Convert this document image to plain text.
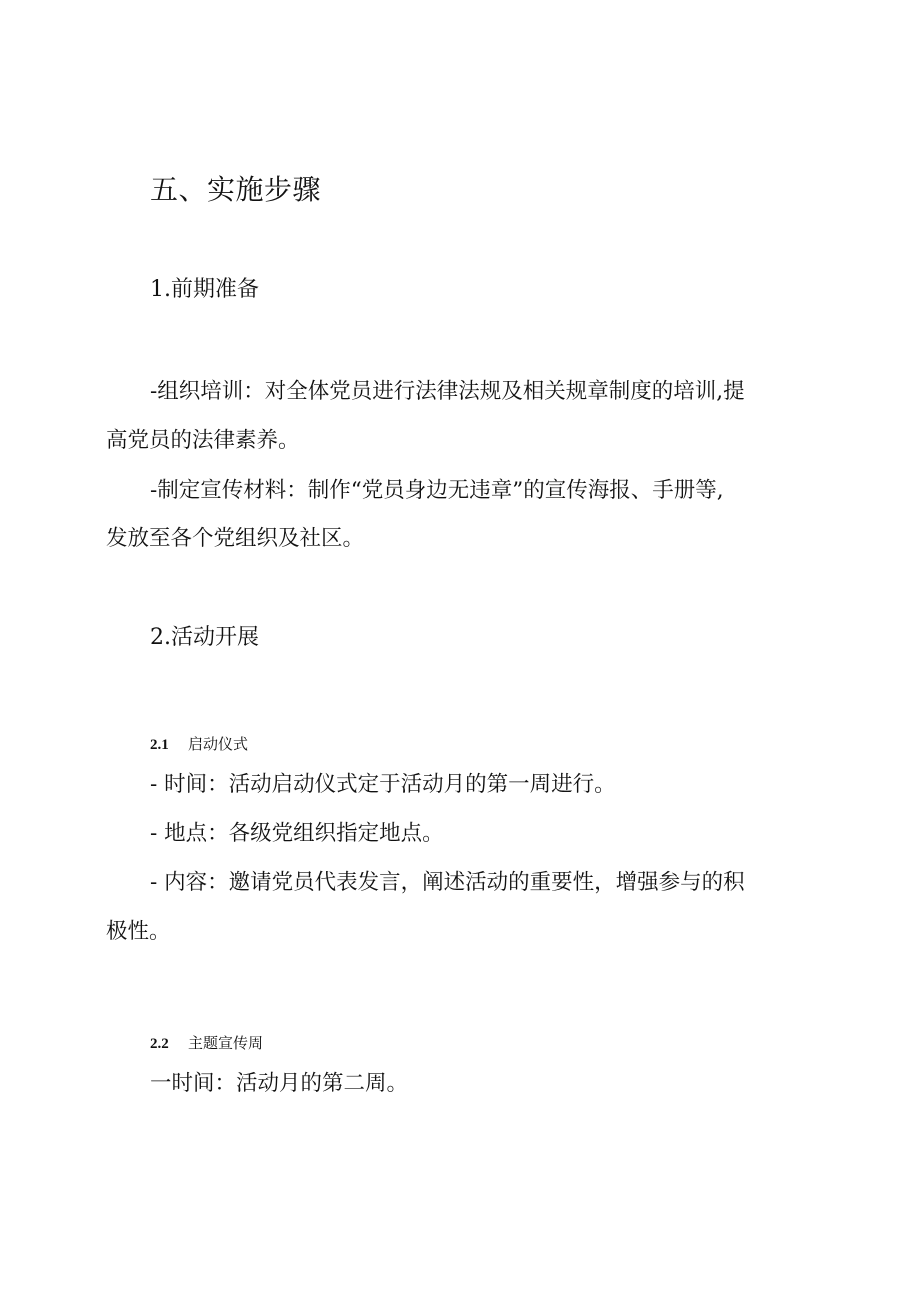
五、实施步骤

1.前期准备

-组织培训：对全体党员进行法律法规及相关规章制度的培训,提

高党员的法律素养。

-制定宣传材料：制作“党员身边无违章”的宣传海报、手册等,

发放至各个党组织及社区。

2.活动开展

2.1 启动仪式

- 时间：活动启动仪式定于活动月的第一周进行。

- 地点：各级党组织指定地点。

- 内容：邀请党员代表发言，阐述活动的重要性，增强参与的积

极性。

2.2 主题宣传周

一时间：活动月的第二周。
